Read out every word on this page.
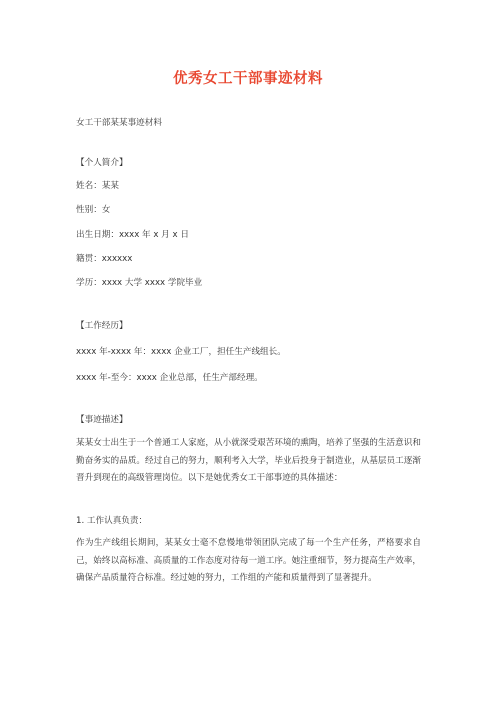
优秀女工干部事迹材料
女工干部某某事迹材料
【个人简介】
姓名：某某
性别：女
出生日期：xxxx 年 x 月 x 日
籍贯：xxxxxx
学历：xxxx 大学 xxxx 学院毕业
【工作经历】
xxxx 年-xxxx 年：xxxx 企业工厂，担任生产线组长。
xxxx 年-至今：xxxx 企业总部，任生产部经理。
【事迹描述】
某某女士出生于一个普通工人家庭，从小就深受艰苦环境的熏陶，培养了坚强的生活意识和勤奋务实的品质。经过自己的努力，顺利考入大学，毕业后投身于制造业，从基层员工逐渐晋升到现在的高级管理岗位。以下是她优秀女工干部事迹的具体描述：
1. 工作认真负责：
作为生产线组长期间，某某女士毫不怠慢地带领团队完成了每一个生产任务，严格要求自己，始终以高标准、高质量的工作态度对待每一道工序。她注重细节，努力提高生产效率，确保产品质量符合标准。经过她的努力，工作组的产能和质量得到了显著提升。
